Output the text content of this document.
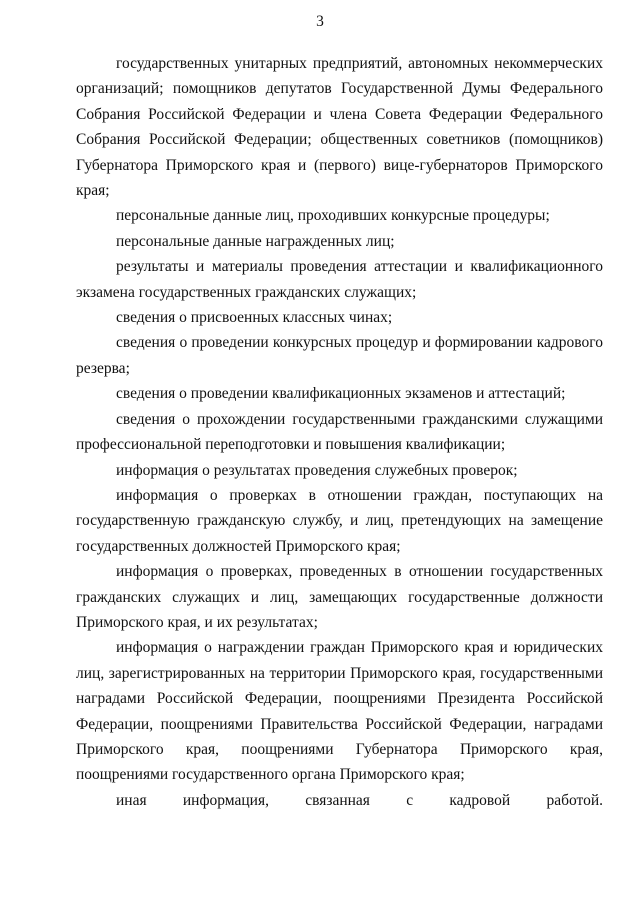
3

государственных унитарных предприятий, автономных некоммерческих организаций; помощников депутатов Государственной Думы Федерального Собрания Российской Федерации и члена Совета Федерации Федерального Собрания Российской Федерации; общественных советников (помощников) Губернатора Приморского края и (первого) вице-губернаторов Приморского края;

персональные данные лиц, проходивших конкурсные процедуры;

персональные данные награжденных лиц;

результаты и материалы проведения аттестации и квалификационного экзамена государственных гражданских служащих;

сведения о присвоенных классных чинах;

сведения о проведении конкурсных процедур и формировании кадрового резерва;

сведения о проведении квалификационных экзаменов и аттестаций;

сведения о прохождении государственными гражданскими служащими профессиональной переподготовки и повышения квалификации;

информация о результатах проведения служебных проверок;

информация о проверках в отношении граждан, поступающих на государственную гражданскую службу, и лиц, претендующих на замещение государственных должностей Приморского края;

информация о проверках, проведенных в отношении государственных гражданских служащих и лиц, замещающих государственные должности Приморского края, и их результатах;

информация о награждении граждан Приморского края и юридических лиц, зарегистрированных на территории Приморского края, государственными наградами Российской Федерации, поощрениями Президента Российской Федерации, поощрениями Правительства Российской Федерации, наградами Приморского края, поощрениями Губернатора Приморского края, поощрениями государственного органа Приморского края;

иная информация, связанная с кадровой работой.
